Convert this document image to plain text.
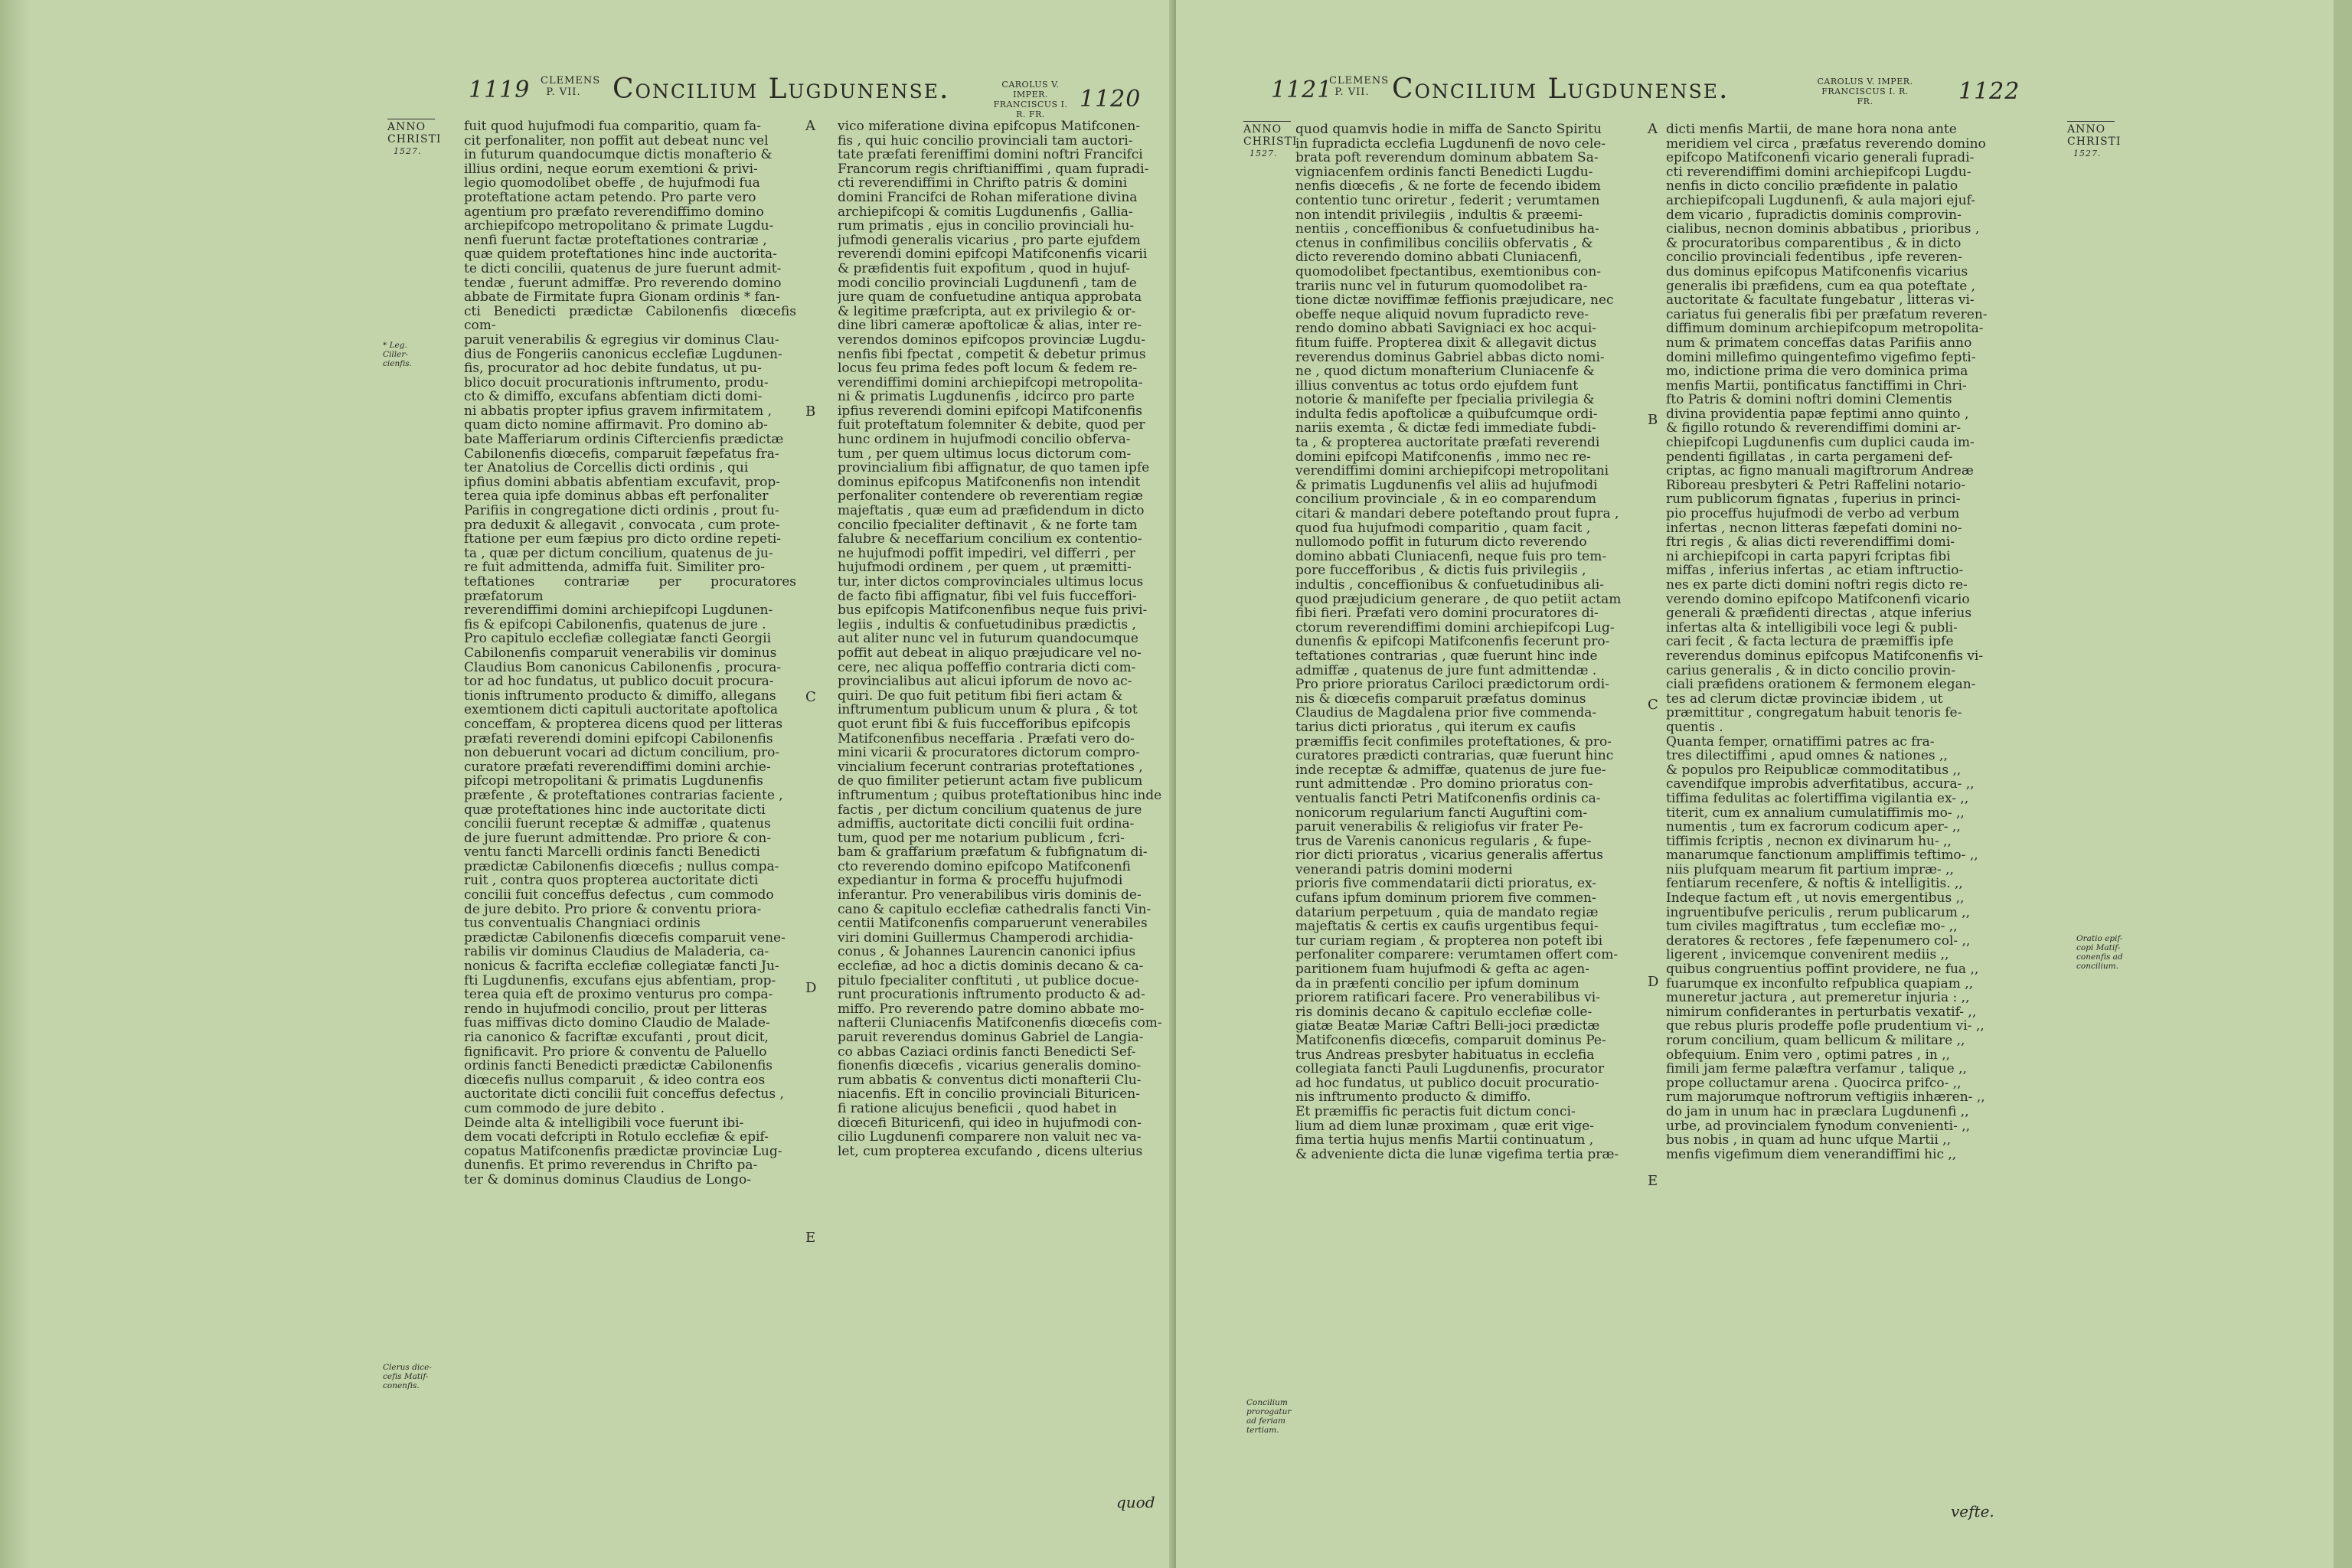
1119 CLEMENS
P. VII. Concilium Lugdunense.	CAROLUS V. IMPER.
FRANCISCUS I. R. FR.
1120
ANNO
CHRISTI
1527.
* Leg. Ciller-cienfis.
Clerus dice-cefis Matif-conenfis.

fuit quod hujufmodi fua comparitio, quam fa-

cit perfonaliter, non poffit aut debeat nunc vel

in futurum quandocumque dictis monafterio &

illius ordini, neque eorum exemtioni & privi-

legio quomodolibet obeffe , de hujufmodi fua

proteftatione actam petendo. Pro parte vero

agentium pro præfato reverendiffimo domino

archiepifcopo metropolitano & primate Lugdu-

nenfi fuerunt factæ proteftationes contrariæ ,

quæ quidem proteftationes hinc inde auctorita-

te dicti concilii, quatenus de jure fuerunt admit-

tendæ , fuerunt admiffæ. Pro reverendo domino

abbate de Firmitate fupra Gionam ordinis * fan-

cti Benedicti prædictæ Cabilonenfis diœcefis com-

paruit venerabilis & egregius vir dominus Clau-

dius de Fongeriis canonicus ecclefiæ Lugdunen-

fis, procurator ad hoc debite fundatus, ut pu-

blico docuit procurationis inftrumento, produ-

cto & dimiffo, excufans abfentiam dicti domi-

ni abbatis propter ipfius gravem infirmitatem ,

quam dicto nomine affirmavit. Pro domino ab-

bate Mafferiarum ordinis Ciftercienfis prædictæ

Cabilonenfis diœcefis, comparuit fæpefatus fra-

ter Anatolius de Corcellis dicti ordinis , qui

ipfius domini abbatis abfentiam excufavit, prop-

terea quia ipfe dominus abbas eft perfonaliter

Parifiis in congregatione dicti ordinis , prout fu-

pra deduxit & allegavit , convocata , cum prote-

ftatione per eum fæpius pro dicto ordine repeti-

ta , quæ per dictum concilium, quatenus de ju-

re fuit admittenda, admiffa fuit. Similiter pro-

teftationes contrariæ per procuratores præfatorum

reverendiffimi domini archiepifcopi Lugdunen-

fis & epifcopi Cabilonenfis, quatenus de jure .

Pro capitulo ecclefiæ collegiatæ fancti Georgii

Cabilonenfis comparuit venerabilis vir dominus

Claudius Bom canonicus Cabilonenfis , procura-

tor ad hoc fundatus, ut publico docuit procura-

tionis inftrumento producto & dimiffo, allegans

exemtionem dicti capituli auctoritate apoftolica

conceffam, & propterea dicens quod per litteras

præfati reverendi domini epifcopi Cabilonenfis

non debuerunt vocari ad dictum concilium, pro-

curatore præfati reverendiffimi domini archie-

pifcopi metropolitani & primatis Lugdunenfis

præfente , & proteftationes contrarias faciente ,

quæ proteftationes hinc inde auctoritate dicti

concilii fuerunt receptæ & admiffæ , quatenus

de jure fuerunt admittendæ. Pro priore & con-

ventu fancti Marcelli ordinis fancti Benedicti

prædictæ Cabilonenfis diœcefis ; nullus compa-

ruit , contra quos propterea auctoritate dicti

concilii fuit conceffus defectus , cum commodo

de jure debito. Pro priore & conventu priora-

tus conventualis Changniaci ordinis

prædictæ Cabilonenfis diœcefis comparuit vene-

rabilis vir dominus Claudius de Maladeria, ca-

nonicus & facrifta ecclefiæ collegiatæ fancti Ju-

fti Lugdunenfis, excufans ejus abfentiam, prop-

terea quia eft de proximo venturus pro compa-

rendo in hujufmodi concilio, prout per litteras

fuas miffivas dicto domino Claudio de Malade-

ria canonico & facriftæ excufanti , prout dicit,

fignificavit. Pro priore & conventu de Paluello

ordinis fancti Benedicti prædictæ Cabilonenfis

diœcefis nullus comparuit , & ideo contra eos

auctoritate dicti concilii fuit conceffus defectus ,

cum commodo de jure debito .

Deinde alta & intelligibili voce fuerunt ibi-

dem vocati defcripti in Rotulo ecclefiæ & epif-

copatus Matifconenfis prædictæ provinciæ Lug-

dunenfis. Et primo reverendus in Chrifto pa-

ter & dominus dominus Claudius de Longo-

vico miferatione divina epifcopus Matifconen-

fis , qui huic concilio provinciali tam auctori-

tate præfati fereniffimi domini noftri Francifci

Francorum regis chriftianiffimi , quam fupradi-

cti reverendiffimi in Chrifto patris & domini

domini Francifci de Rohan miferatione divina

archiepifcopi & comitis Lugdunenfis , Gallia-

rum primatis , ejus in concilio provinciali hu-

jufmodi generalis vicarius , pro parte ejufdem

reverendi domini epifcopi Matifconenfis vicarii

& præfidentis fuit expofitum , quod in hujuf-

modi concilio provinciali Lugdunenfi , tam de

jure quam de confuetudine antiqua approbata

& legitime præfcripta, aut ex privilegio & or-

dine libri cameræ apoftolicæ & alias, inter re-

verendos dominos epifcopos provinciæ Lugdu-

nenfis fibi fpectat , competit & debetur primus

locus feu prima fedes poft locum & fedem re-

verendiffimi domini archiepifcopi metropolita-

ni & primatis Lugdunenfis , idcirco pro parte

ipfius reverendi domini epifcopi Matifconenfis

fuit proteftatum folemniter & debite, quod per

hunc ordinem in hujufmodi concilio obferva-

tum , per quem ultimus locus dictorum com-

provincialium fibi affignatur, de quo tamen ipfe

dominus epifcopus Matifconenfis non intendit

perfonaliter contendere ob reverentiam regiæ

majeftatis , quæ eum ad præfidendum in dicto

concilio fpecialiter deftinavit , & ne forte tam

falubre & neceffarium concilium ex contentio-

ne hujufmodi poffit impediri, vel differri , per

hujufmodi ordinem , per quem , ut præmitti-

tur, inter dictos comprovinciales ultimus locus

de facto fibi affignatur, fibi vel fuis fucceffori-

bus epifcopis Matifconenfibus neque fuis privi-

legiis , indultis & confuetudinibus prædictis ,

aut aliter nunc vel in futurum quandocumque

poffit aut debeat in aliquo præjudicare vel no-

cere, nec aliqua poffeffio contraria dicti com-

provincialibus aut alicui ipforum de novo ac-

quiri. De quo fuit petitum fibi fieri actam &

inftrumentum publicum unum & plura , & tot

quot erunt fibi & fuis fuccefforibus epifcopis

Matifconenfibus neceffaria . Præfati vero do-

mini vicarii & procuratores dictorum compro-

vincialium fecerunt contrarias proteftationes ,

de quo fimiliter petierunt actam five publicum

inftrumentum ; quibus proteftationibus hinc inde

factis , per dictum concilium quatenus de jure

admiffis, auctoritate dicti concilii fuit ordina-

tum, quod per me notarium publicum , fcri-

bam & graffarium præfatum & fubfignatum di-

cto reverendo domino epifcopo Matifconenfi

expediantur in forma & proceffu hujufmodi

inferantur. Pro venerabilibus viris dominis de-

cano & capitulo ecclefiæ cathedralis fancti Vin-

centii Matifconenfis comparuerunt venerabiles

viri domini Guillermus Champerodi archidia-

conus , & Johannes Laurencin canonici ipfius

ecclefiæ, ad hoc a dictis dominis decano & ca-

pitulo fpecialiter conftituti , ut publice docue-

runt procurationis inftrumento producto & ad-

miffo. Pro reverendo patre domino abbate mo-

nafterii Cluniacenfis Matifconenfis diœcefis com-

paruit reverendus dominus Gabriel de Langia-

co abbas Caziaci ordinis fancti Benedicti Sef-

fionenfis diœcefis , vicarius generalis domino-

rum abbatis & conventus dicti monafterii Clu-

niacenfis. Eft in concilio provinciali Bituricen-

fi ratione alicujus beneficii , quod habet in

diœcefi Bituricenfi, qui ideo in hujufmodi con-

cilio Lugdunenfi comparere non valuit nec va-

let, cum propterea excufando , dicens ulterius

A
B
C
D
E
quod
1121
CLEMENS
P. VII. Concilium Lugdunense.	CAROLUS V. IMPER.
FRANCISCUS I. R. FR.	1122
ANNO
CHRISTI
1527.
ANNO
CHRISTI
1527.
Oratio epif-copi Matif-conenfis ad concilium.
Concilium prorogatur ad feriam tertiam.

quod quamvis hodie in miffa de Sancto Spiritu

in fupradicta ecclefia Lugdunenfi de novo cele-

brata poft reverendum dominum abbatem Sa-

vigniacenfem ordinis fancti Benedicti Lugdu-

nenfis diœcefis , & ne forte de fecendo ibidem

contentio tunc oriretur , federit ; verumtamen

non intendit privilegiis , indultis & præemi-

nentiis , conceffionibus & confuetudinibus ha-

ctenus in confimilibus conciliis obfervatis , &

dicto reverendo domino abbati Cluniacenfi,

quomodolibet fpectantibus, exemtionibus con-

trariis nunc vel in futurum quomodolibet ra-

tione dictæ noviffimæ feffionis præjudicare, nec

obeffe neque aliquid novum fupradicto reve-

rendo domino abbati Savigniaci ex hoc acqui-

fitum fuiffe. Propterea dixit & allegavit dictus

reverendus dominus Gabriel abbas dicto nomi-

ne , quod dictum monafterium Cluniacenfe &

illius conventus ac totus ordo ejufdem funt

notorie & manifefte per fpecialia privilegia &

indulta fedis apoftolicæ a quibufcumque ordi-

nariis exemta , & dictæ fedi immediate fubdi-

ta , & propterea auctoritate præfati reverendi

domini epifcopi Matifconenfis , immo nec re-

verendiffimi domini archiepifcopi metropolitani

& primatis Lugdunenfis vel aliis ad hujufmodi

concilium provinciale , & in eo comparendum

citari & mandari debere poteftando prout fupra ,

quod fua hujufmodi comparitio , quam facit ,

nullomodo poffit in futurum dicto reverendo

domino abbati Cluniacenfi, neque fuis pro tem-

pore fuccefforibus , & dictis fuis privilegiis ,

indultis , conceffionibus & confuetudinibus ali-

quod præjudicium generare , de quo petiit actam

fibi fieri. Præfati vero domini procuratores di-

ctorum reverendiffimi domini archiepifcopi Lug-

dunenfis & epifcopi Matifconenfis fecerunt pro-

teftationes contrarias , quæ fuerunt hinc inde

admiffæ , quatenus de jure funt admittendæ .

Pro priore prioratus Cariloci prædictorum ordi-

nis & diœcefis comparuit præfatus dominus

Claudius de Magdalena prior five commenda-

tarius dicti prioratus , qui iterum ex caufis

præmiffis fecit confimiles proteftationes, & pro-

curatores prædicti contrarias, quæ fuerunt hinc

inde receptæ & admiffæ, quatenus de jure fue-

runt admittendæ . Pro domino prioratus con-

ventualis fancti Petri Matifconenfis ordinis ca-

nonicorum regularium fancti Auguftini com-

paruit venerabilis & religiofus vir frater Pe-

trus de Varenis canonicus regularis , & fupe-

rior dicti prioratus , vicarius generalis affertus

venerandi patris domini moderni

prioris five commendatarii dicti prioratus, ex-

cufans ipfum dominum priorem five commen-

datarium perpetuum , quia de mandato regiæ

majeftatis & certis ex caufis urgentibus fequi-

tur curiam regiam , & propterea non poteft ibi

perfonaliter comparere: verumtamen offert com-

paritionem fuam hujufmodi & gefta ac agen-

da in præfenti concilio per ipfum dominum

priorem ratificari facere. Pro venerabilibus vi-

ris dominis decano & capitulo ecclefiæ colle-

giatæ Beatæ Mariæ Caftri Belli-joci prædictæ

Matifconenfis diœcefis, comparuit dominus Pe-

trus Andreas presbyter habituatus in ecclefia

collegiata fancti Pauli Lugdunenfis, procurator

ad hoc fundatus, ut publico docuit procuratio-

nis inftrumento producto & dimiffo.

Et præmiffis fic peractis fuit dictum conci-

lium ad diem lunæ proximam , quæ erit vige-

fima tertia hujus menfis Martii continuatum ,

& adveniente dicta die lunæ vigefima tertia præ-

dicti menfis Martii, de mane hora nona ante

meridiem vel circa , præfatus reverendo domino

epifcopo Matifconenfi vicario generali fupradi-

cti reverendiffimi domini archiepifcopi Lugdu-

nenfis in dicto concilio præfidente in palatio

archiepifcopali Lugdunenfi, & aula majori ejuf-

dem vicario , fupradictis dominis comprovin-

cialibus, necnon dominis abbatibus , prioribus ,

& procuratoribus comparentibus , & in dicto

concilio provinciali fedentibus , ipfe reveren-

dus dominus epifcopus Matifconenfis vicarius

generalis ibi præfidens, cum ea qua poteftate ,

auctoritate & facultate fungebatur , litteras vi-

cariatus fui generalis fibi per præfatum reveren-

diffimum dominum archiepifcopum metropolita-

num & primatem conceffas datas Parifiis anno

domini millefimo quingentefimo vigefimo fepti-

mo, indictione prima die vero dominica prima

menfis Martii, pontificatus fanctiffimi in Chri-

fto Patris & domini noftri domini Clementis

divina providentia papæ feptimi anno quinto ,

& figillo rotundo & reverendiffimi domini ar-

chiepifcopi Lugdunenfis cum duplici cauda im-

pendenti figillatas , in carta pergameni def-

criptas, ac figno manuali magiftrorum Andreæ

Riboreau presbyteri & Petri Raffelini notario-

rum publicorum fignatas , fuperius in princi-

pio proceffus hujufmodi de verbo ad verbum

infertas , necnon litteras fæpefati domini no-

ftri regis , & alias dicti reverendiffimi domi-

ni archiepifcopi in carta papyri fcriptas fibi

miffas , inferius infertas , ac etiam inftructio-

nes ex parte dicti domini noftri regis dicto re-

verendo domino epifcopo Matifconenfi vicario

generali & præfidenti directas , atque inferius

infertas alta & intelligibili voce legi & publi-

cari fecit , & facta lectura de præmiffis ipfe

reverendus dominus epifcopus Matifconenfis vi-

carius generalis , & in dicto concilio provin-

ciali præfidens orationem & fermonem elegan-

tes ad clerum dictæ provinciæ ibidem , ut

præmittitur , congregatum habuit tenoris fe-

quentis .

Quanta femper, ornatiffimi patres ac fra-

tres dilectiffimi , apud omnes & nationes ,,

& populos pro Reipublicæ commoditatibus ,,

cavendifque improbis adverfitatibus, accura- ,,

tiffima fedulitas ac folertiffima vigilantia ex- ,,

titerit, cum ex annalium cumulatiffimis mo- ,,

numentis , tum ex facrorum codicum aper- ,,

tiffimis fcriptis , necnon ex divinarum hu- ,,

manarumque fanctionum ampliffimis teftimo- ,,

niis plufquam mearum fit partium impræ- ,,

fentiarum recenfere, & noftis & intelligitis. ,,

Indeque factum eft , ut novis emergentibus ,,

ingruentibufve periculis , rerum publicarum ,,

tum civiles magiftratus , tum ecclefiæ mo- ,,

deratores & rectores , fefe fæpenumero col- ,,

ligerent , invicemque convenirent mediis ,,

quibus congruentius poffint providere, ne fua ,,

fuarumque ex inconfulto refpublica quapiam ,,

muneretur jactura , aut premeretur injuria : ,,

nimirum confiderantes in perturbatis vexatif- ,,

que rebus pluris prodeffe pofle prudentium vi- ,,

rorum concilium, quam bellicum & militare ,,

obfequium. Enim vero , optimi patres , in ,,

fimili jam ferme palæftra verfamur , talique ,,

prope colluctamur arena . Quocirca prifco- ,,

rum majorumque noftrorum veftigiis inhæren- ,,

do jam in unum hac in præclara Lugdunenfi ,,

urbe, ad provincialem fynodum convenienti- ,,

bus nobis , in quam ad hunc ufque Martii ,,

menfis vigefimum diem venerandiffimi hic ,,

A
B
C
D
E
vefte.
